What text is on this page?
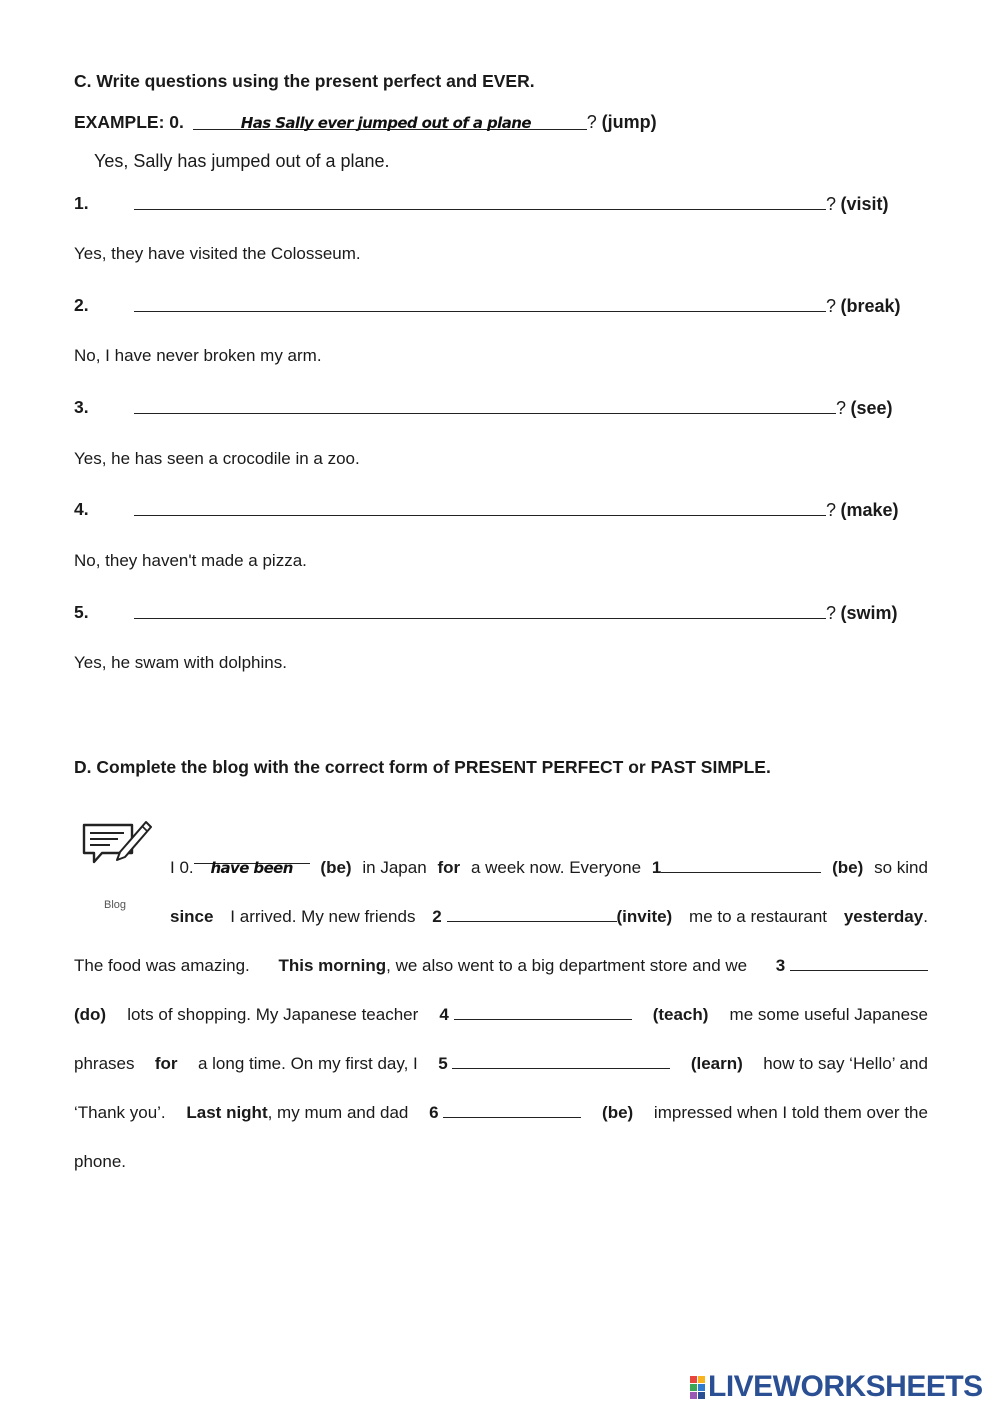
C. Write questions using the present perfect and EVER.
EXAMPLE: 0.	Has Sally ever jumped out of a plane	? (jump)
Yes, Sally has jumped out of a plane.
1.	? (visit)
Yes, they have visited the Colosseum.
2.	? (break)
No, I have never broken my arm.
3.	? (see)
Yes, he has seen a crocodile in a zoo.
4.	? (make)
No, they haven't made a pizza.
5.	? (swim)
Yes, he swam with dolphins.
D. Complete the blog with the correct form of PRESENT PERFECT or PAST SIMPLE.
Blog
I 0. have been	(be) in Japan for a week now. Everyone 1	(be) so kind
since I arrived. My new friends 2	(invite) me to a restaurant yesterday.
The food was amazing. This morning, we also went to a big department store and we 3
(do) lots of shopping. My Japanese teacher 4	(teach) me some useful Japanese
phrases for a long time. On my first day, I 5	(learn) how to say ‘Hello’ and
‘Thank you’. Last night, my mum and dad 6	(be) impressed when I told them over the
phone.
LIVEWORKSHEETS
